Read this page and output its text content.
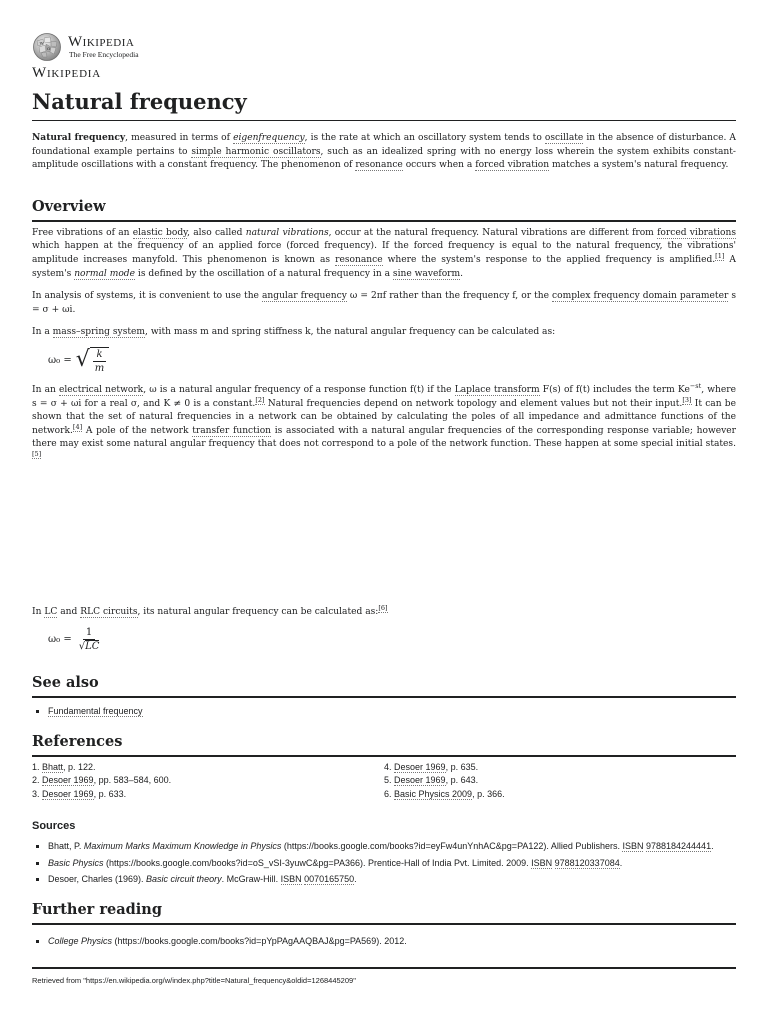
W
Ω Wikipedia
The Free Encyclopedia
Wikipedia
Natural frequency

Natural frequency, measured in terms of eigenfrequency, is the rate at which an oscillatory system tends to oscillate in the absence of disturbance. A foundational example pertains to simple harmonic oscillators, such as an idealized spring with no energy loss wherein the system exhibits constant-amplitude oscillations with a constant frequency. The phenomenon of resonance occurs when a forced vibration matches a system's natural frequency.

Overview

Free vibrations of an elastic body, also called natural vibrations, occur at the natural frequency. Natural vibrations are different from forced vibrations which happen at the frequency of an applied force (forced frequency). If the forced frequency is equal to the natural frequency, the vibrations' amplitude increases manyfold. This phenomenon is known as resonance where the system's response to the applied frequency is amplified.[1] A system's normal mode is defined by the oscillation of a natural frequency in a sine waveform.

In analysis of systems, it is convenient to use the angular frequency ω = 2πf rather than the frequency f, or the complex frequency domain parameter s = σ + ωi.

In a mass–spring system, with mass m and spring stiffness k, the natural angular frequency can be calculated as:

ω₀ = √ $\frac{k}{m}$

In an electrical network, ω is a natural angular frequency of a response function f(t) if the Laplace transform F(s) of f(t) includes the term $Ke^{-st}$, where s = σ + ωi for a real σ, and K ≠ 0 is a constant.[2] Natural frequencies depend on network topology and element values but not their input.[3] It can be shown that the set of natural frequencies in a network can be obtained by calculating the poles of all impedance and admittance functions of the network.[4] A pole of the network transfer function is associated with a natural angular frequencies of the corresponding response variable; however there may exist some natural angular frequency that does not correspond to a pole of the network function. These happen at some special initial states.[5]

In LC and RLC circuits, its natural angular frequency can be calculated as:[6]

$\omega_0 = \frac{1}{√LC}$
See also
▪ Fundamental frequency
References
1. Bhatt, p. 122.
2. Desoer 1969, pp. 583–584, 600.
3. Desoer 1969, p. 633.
4. Desoer 1969, p. 635.
5. Desoer 1969, p. 643.
6. Basic Physics 2009, p. 366.
Sources
▪ Bhatt, P. Maximum Marks Maximum Knowledge in Physics (https://books.google.com/books?id=eyFw4unYnhAC&pg=PA122). Allied Publishers. ISBN 9788184244441.
▪ Basic Physics (https://books.google.com/books?id=oS_vSI-3yuwC&pg=PA366). Prentice-Hall of India Pvt. Limited. 2009. ISBN 9788120337084.
▪ Desoer, Charles (1969). Basic circuit theory. McGraw-Hill. ISBN 0070165750.
Further reading
▪ College Physics (https://books.google.com/books?id=pYpPAgAAQBAJ&pg=PA569). 2012.
Retrieved from "https://en.wikipedia.org/w/index.php?title=Natural_frequency&oldid=1268445209"
